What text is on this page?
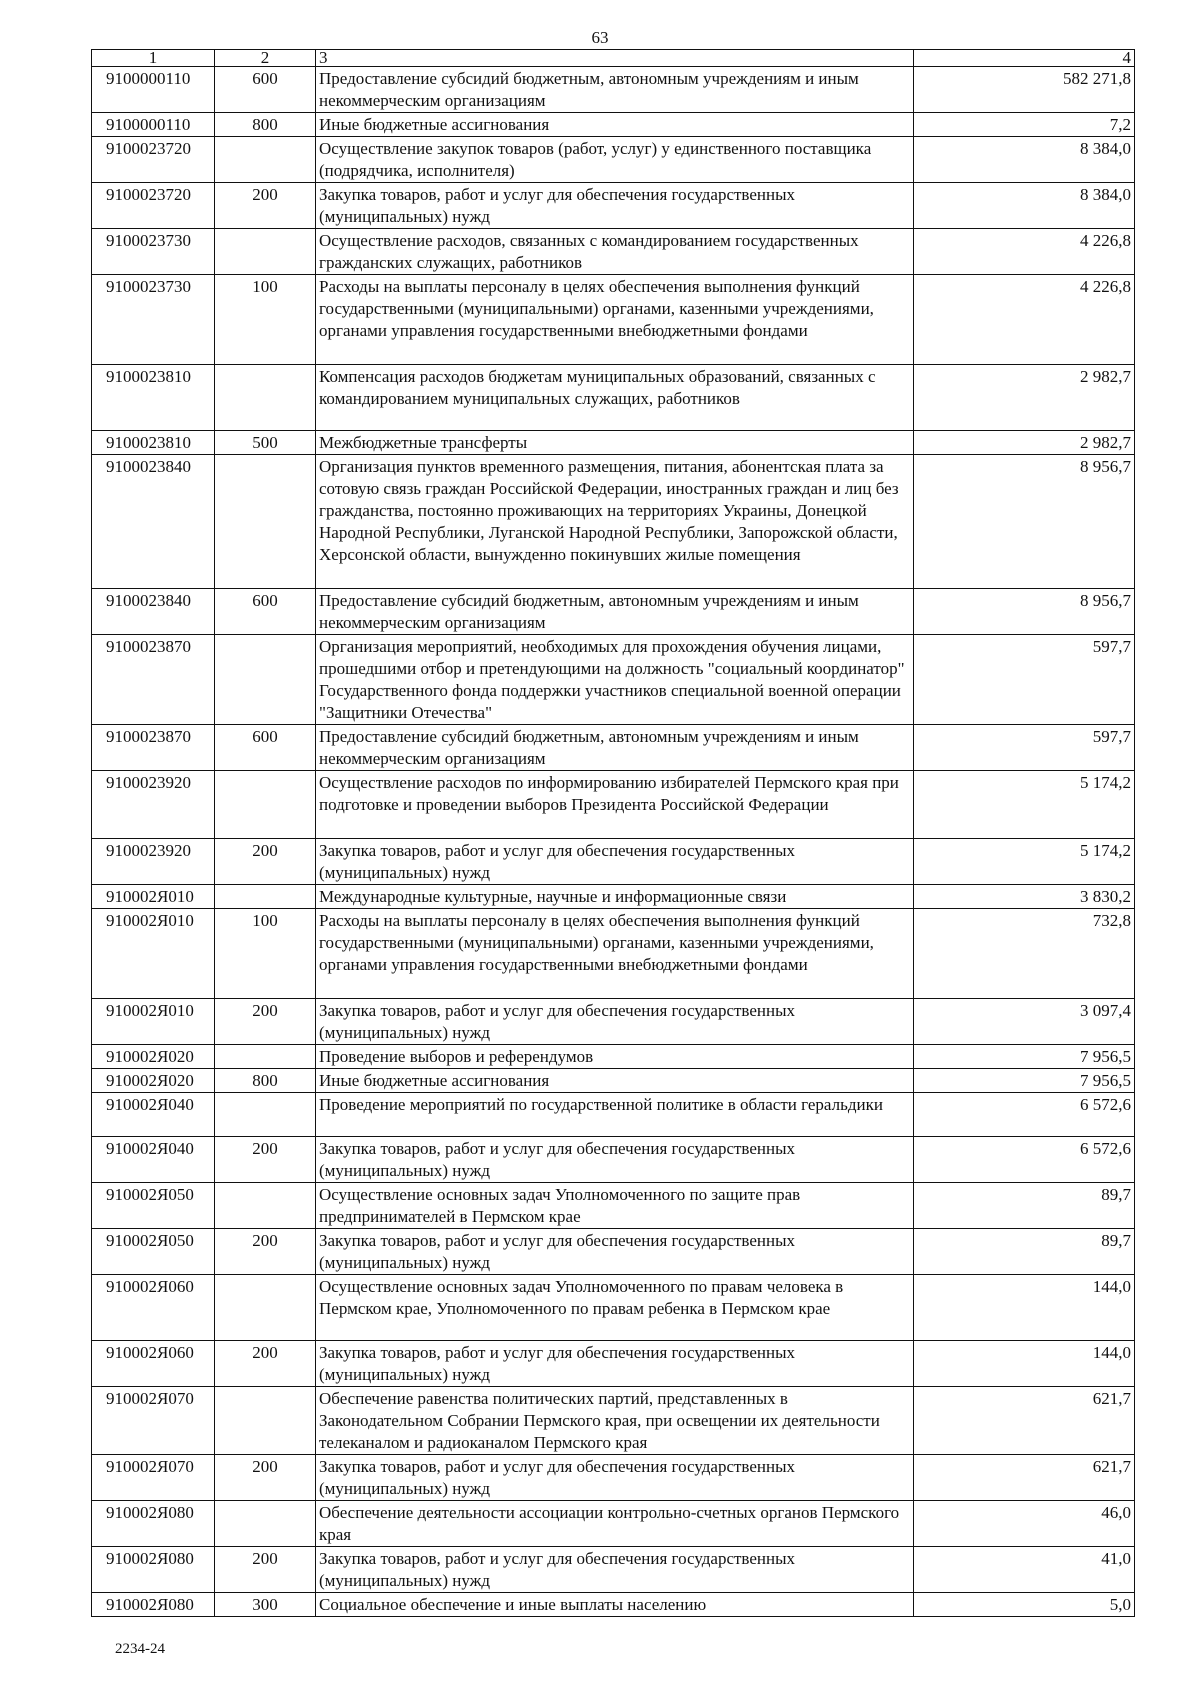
63
1	2	3	4
9100000110	600	Предоставление субсидий бюджетным, автономным учреждениям и иным некоммерческим организациям	582 271,8
9100000110	800	Иные бюджетные ассигнования	7,2
9100023720		Осуществление закупок товаров (работ, услуг) у единственного поставщика (подрядчика, исполнителя)	8 384,0
9100023720	200	Закупка товаров, работ и услуг для обеспечения государственных (муниципальных) нужд	8 384,0
9100023730		Осуществление расходов, связанных с командированием государственных гражданских служащих, работников	4 226,8
9100023730	100	Расходы на выплаты персоналу в целях обеспечения выполнения функций государственными (муниципальными) органами, казенными учреждениями, органами управления государственными внебюджетными фондами	4 226,8
9100023810		Компенсация расходов бюджетам муниципальных образований, связанных с командированием муниципальных служащих, работников	2 982,7
9100023810	500	Межбюджетные трансферты	2 982,7
9100023840		Организация пунктов временного размещения, питания, абонентская плата за сотовую связь граждан Российской Федерации, иностранных граждан и лиц без гражданства, постоянно проживающих на территориях Украины, Донецкой Народной Республики, Луганской Народной Республики, Запорожской области, Херсонской области, вынужденно покинувших жилые помещения	8 956,7
9100023840	600	Предоставление субсидий бюджетным, автономным учреждениям и иным некоммерческим организациям	8 956,7
9100023870		Организация мероприятий, необходимых для прохождения обучения лицами, прошедшими отбор и претендующими на должность "социальный координатор" Государственного фонда поддержки участников специальной военной операции "Защитники Отечества"	597,7
9100023870	600	Предоставление субсидий бюджетным, автономным учреждениям и иным некоммерческим организациям	597,7
9100023920		Осуществление расходов по информированию избирателей Пермского края при подготовке и проведении выборов Президента Российской Федерации	5 174,2
9100023920	200	Закупка товаров, работ и услуг для обеспечения государственных (муниципальных) нужд	5 174,2
910002Я010		Международные культурные, научные и информационные связи	3 830,2
910002Я010	100	Расходы на выплаты персоналу в целях обеспечения выполнения функций государственными (муниципальными) органами, казенными учреждениями, органами управления государственными внебюджетными фондами	732,8
910002Я010	200	Закупка товаров, работ и услуг для обеспечения государственных (муниципальных) нужд	3 097,4
910002Я020		Проведение выборов и референдумов	7 956,5
910002Я020	800	Иные бюджетные ассигнования	7 956,5
910002Я040		Проведение мероприятий по государственной политике в области геральдики	6 572,6
910002Я040	200	Закупка товаров, работ и услуг для обеспечения государственных (муниципальных) нужд	6 572,6
910002Я050		Осуществление основных задач Уполномоченного по защите прав предпринимателей в Пермском крае	89,7
910002Я050	200	Закупка товаров, работ и услуг для обеспечения государственных (муниципальных) нужд	89,7
910002Я060		Осуществление основных задач Уполномоченного по правам человека в Пермском крае, Уполномоченного по правам ребенка в Пермском крае	144,0
910002Я060	200	Закупка товаров, работ и услуг для обеспечения государственных (муниципальных) нужд	144,0
910002Я070		Обеспечение равенства политических партий, представленных в Законодательном Собрании Пермского края, при освещении их деятельности телеканалом и радиоканалом Пермского края	621,7
910002Я070	200	Закупка товаров, работ и услуг для обеспечения государственных (муниципальных) нужд	621,7
910002Я080		Обеспечение деятельности ассоциации контрольно-счетных органов Пермского края	46,0
910002Я080	200	Закупка товаров, работ и услуг для обеспечения государственных (муниципальных) нужд	41,0
910002Я080	300	Социальное обеспечение и иные выплаты населению	5,0
2234-24
